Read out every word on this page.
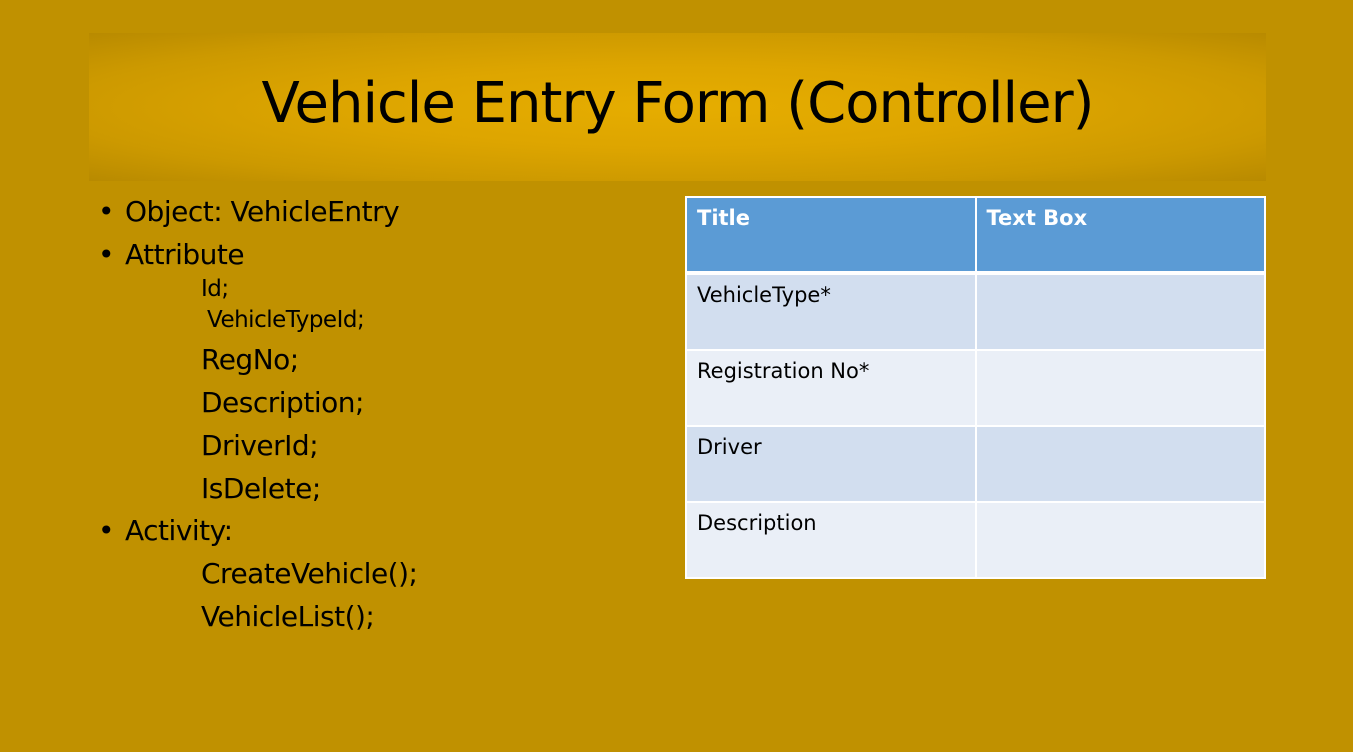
Vehicle Entry Form (Controller)
• Object: VehicleEntry
• Attribute
Id;
VehicleTypeId;
RegNo;
Description;
DriverId;
IsDelete;
• Activity:
CreateVehicle();
VehicleList();
Title	Text Box
VehicleType*	
Registration No*	
Driver	
Description	
